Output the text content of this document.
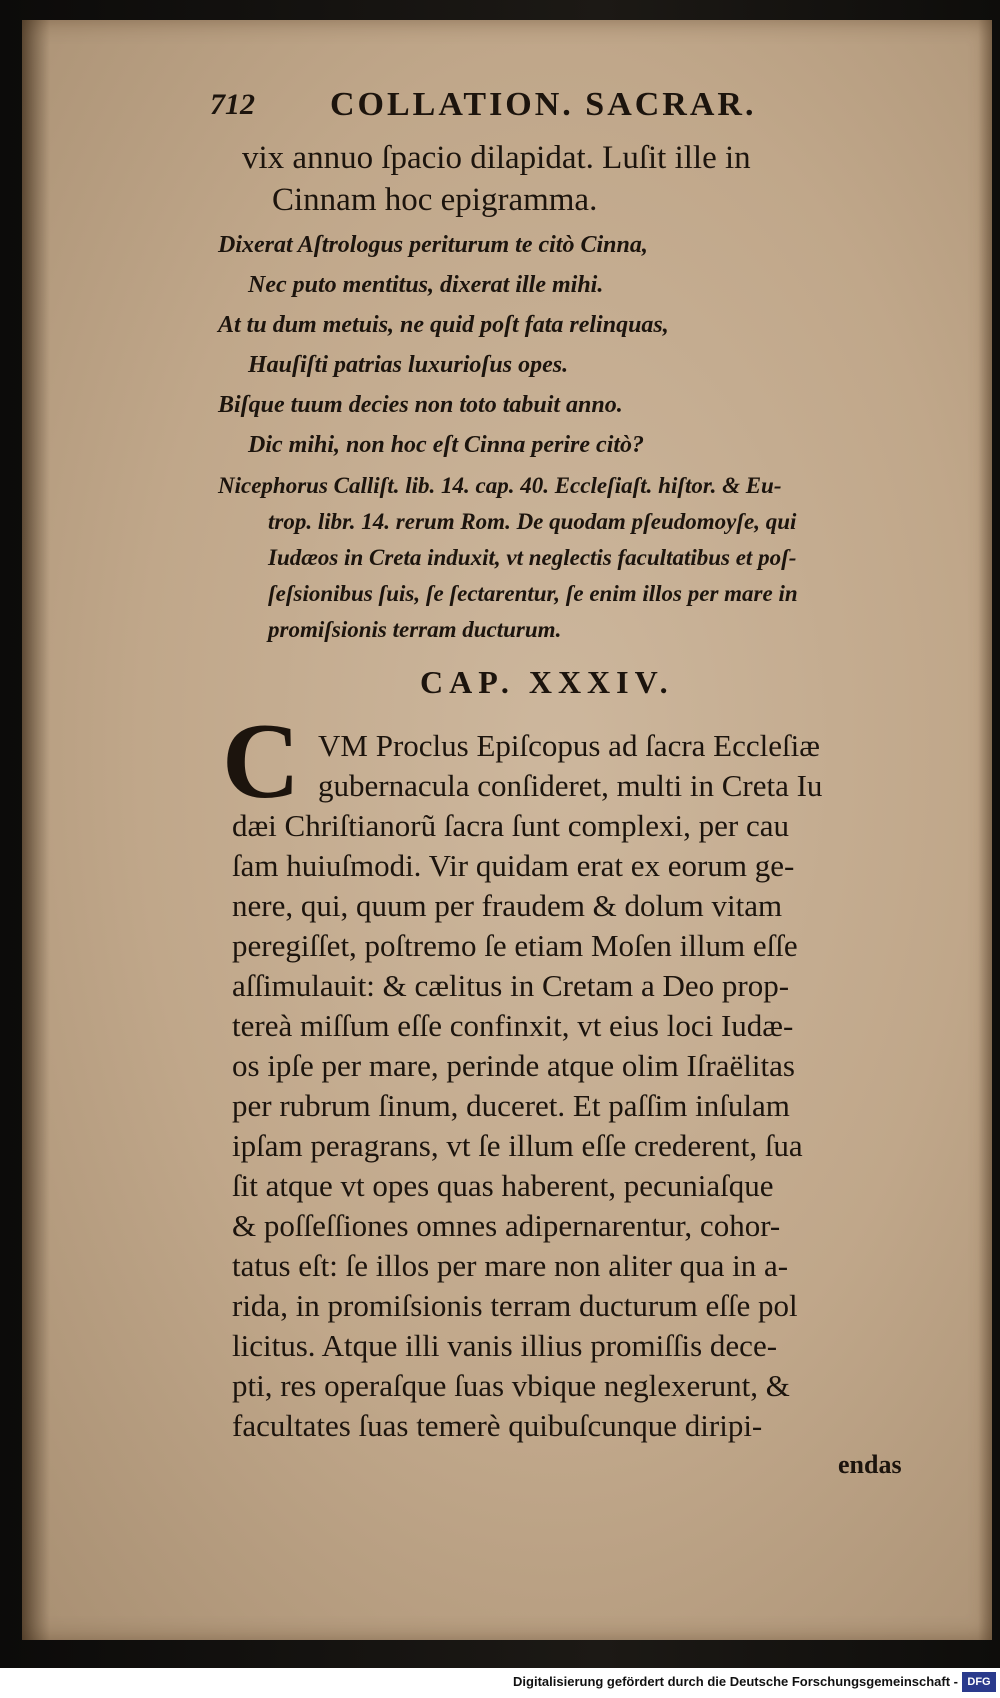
712 COLLATION. SACRAR.
vix annuo ſpacio dilapidat. Luſit ille in
Cinnam hoc epigramma.
Dixerat Aſtrologus periturum te citò Cinna,
Nec puto mentitus, dixerat ille mihi.
At tu dum metuis, ne quid poſt fata relinquas,
Hauſiſti patrias luxurioſus opes.
Biſque tuum decies non toto tabuit anno.
Dic mihi, non hoc eſt Cinna perire citò?
Nicephorus Calliſt. lib. 14. cap. 40. Eccleſiaſt. hiſtor. & Eu-
trop. libr. 14. rerum Rom. De quodam pſeudomoyſe, qui
Iudæos in Creta induxit, vt neglectis facultatibus et poſ-
ſeſsionibus ſuis, ſe ſectarentur, ſe enim illos per mare in
promiſsionis terram ducturum.
CAP. XXXIV.
C VM Proclus Epiſcopus ad ſacra Eccleſiæ
gubernacula conſideret, multi in Creta Iu
dæi Chriſtianorũ ſacra ſunt complexi, per cau
ſam huiuſmodi. Vir quidam erat ex eorum ge-
nere, qui, quum per fraudem & dolum vitam
peregiſſet, poſtremo ſe etiam Moſen illum eſſe
aſſimulauit: & cælitus in Cretam a Deo prop-
tereà miſſum eſſe confinxit, vt eius loci Iudæ-
os ipſe per mare, perinde atque olim Iſraëlitas
per rubrum ſinum, duceret. Et paſſim inſulam
ipſam peragrans, vt ſe illum eſſe crederent, ſua
ſit atque vt opes quas haberent, pecuniaſque
& poſſeſſiones omnes adipernarentur, cohor-
tatus eſt: ſe illos per mare non aliter qua in a-
rida, in promiſsionis terram ducturum eſſe pol
licitus. Atque illi vanis illius promiſſis dece-
pti, res operaſque ſuas vbique neglexerunt, &
facultates ſuas temerè quibuſcunque diripi-
endas
Digitalisierung gefördert durch die Deutsche Forschungsgemeinschaft - DFG
